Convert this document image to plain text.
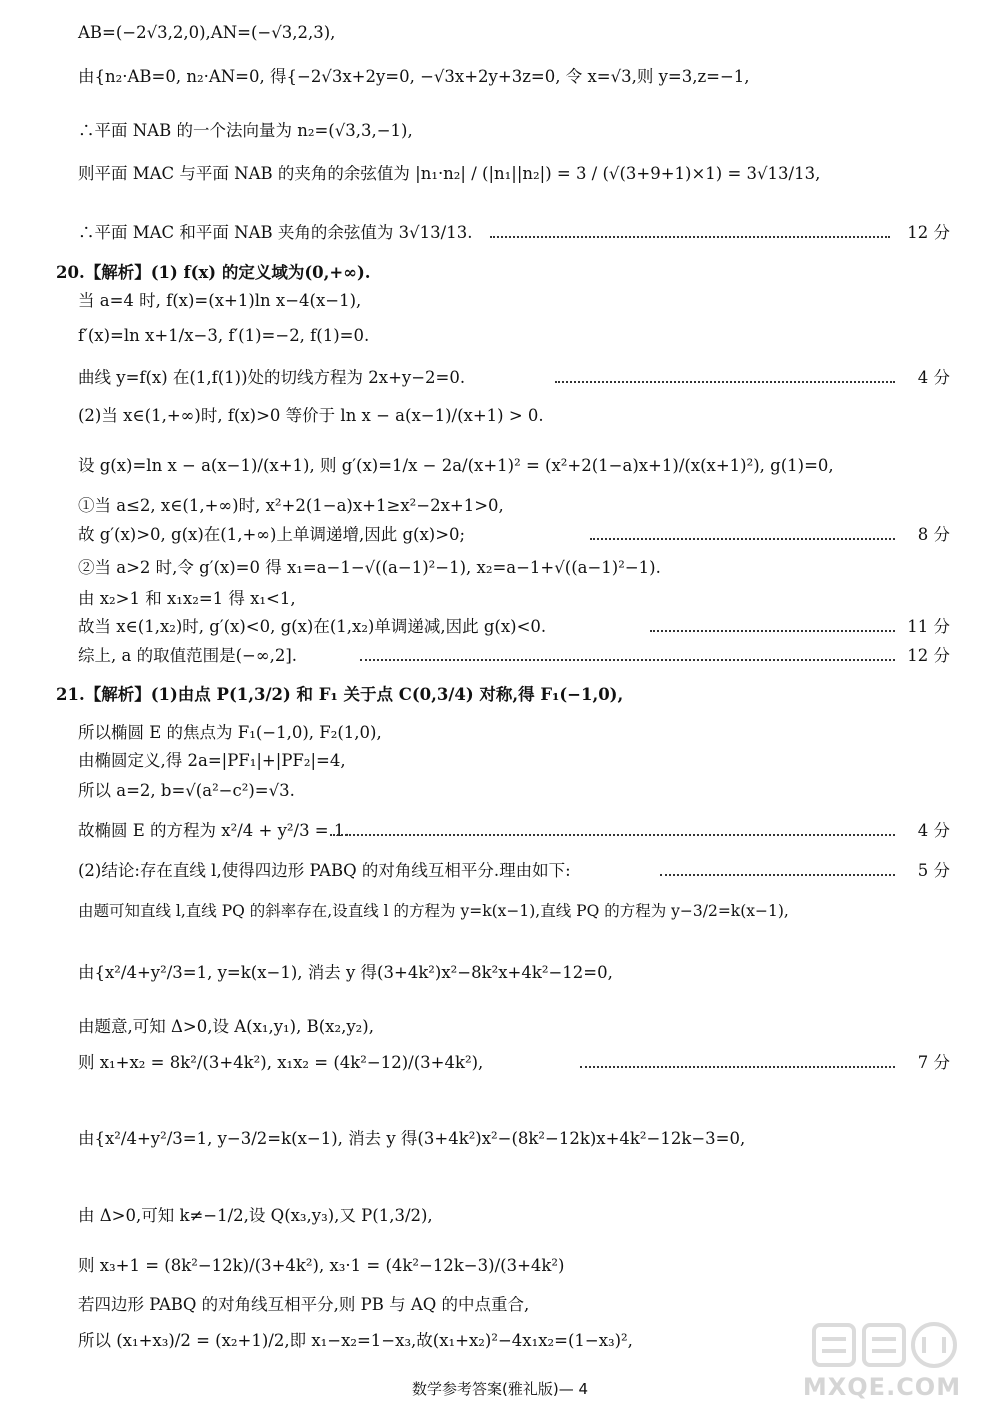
AB=(−2√3,2,0),AN=(−√3,2,3),
由{n₂·AB=0, n₂·AN=0, 得{−2√3x+2y=0, −√3x+2y+3z=0, 令 x=√3,则 y=3,z=−1,
∴平面 NAB 的一个法向量为 n₂=(√3,3,−1),
则平面 MAC 与平面 NAB 的夹角的余弦值为 |n₁·n₂| / (|n₁||n₂|) = 3 / (√(3+9+1)×1) = 3√13/13,
∴平面 MAC 和平面 NAB 夹角的余弦值为 3√13/13.	12 分
20.【解析】(1) f(x) 的定义域为(0,+∞).
当 a=4 时, f(x)=(x+1)ln x−4(x−1),
f′(x)=ln x+1/x−3, f′(1)=−2, f(1)=0.
曲线 y=f(x) 在(1,f(1))处的切线方程为 2x+y−2=0.	4 分
(2)当 x∈(1,+∞)时, f(x)>0 等价于 ln x − a(x−1)/(x+1) > 0.
设 g(x)=ln x − a(x−1)/(x+1), 则 g′(x)=1/x − 2a/(x+1)² = (x²+2(1−a)x+1)/(x(x+1)²), g(1)=0,
①当 a≤2, x∈(1,+∞)时, x²+2(1−a)x+1≥x²−2x+1>0,
故 g′(x)>0, g(x)在(1,+∞)上单调递增,因此 g(x)>0;	8 分
②当 a>2 时,令 g′(x)=0 得 x₁=a−1−√((a−1)²−1), x₂=a−1+√((a−1)²−1).
由 x₂>1 和 x₁x₂=1 得 x₁<1,
故当 x∈(1,x₂)时, g′(x)<0, g(x)在(1,x₂)单调递减,因此 g(x)<0.	11 分
综上, a 的取值范围是(−∞,2].	12 分
21.【解析】(1)由点 P(1,3/2) 和 F₁ 关于点 C(0,3/4) 对称,得 F₁(−1,0),
所以椭圆 E 的焦点为 F₁(−1,0), F₂(1,0),
由椭圆定义,得 2a=|PF₁|+|PF₂|=4,
所以 a=2, b=√(a²−c²)=√3.
故椭圆 E 的方程为 x²/4 + y²/3 = 1.	4 分
(2)结论:存在直线 l,使得四边形 PABQ 的对角线互相平分.理由如下:	5 分
由题可知直线 l,直线 PQ 的斜率存在,设直线 l 的方程为 y=k(x−1),直线 PQ 的方程为 y−3/2=k(x−1),
由{x²/4+y²/3=1, y=k(x−1), 消去 y 得(3+4k²)x²−8k²x+4k²−12=0,
由题意,可知 Δ>0,设 A(x₁,y₁), B(x₂,y₂),
则 x₁+x₂ = 8k²/(3+4k²), x₁x₂ = (4k²−12)/(3+4k²),	7 分
由{x²/4+y²/3=1, y−3/2=k(x−1), 消去 y 得(3+4k²)x²−(8k²−12k)x+4k²−12k−3=0,
由 Δ>0,可知 k≠−1/2,设 Q(x₃,y₃),又 P(1,3/2),
则 x₃+1 = (8k²−12k)/(3+4k²), x₃·1 = (4k²−12k−3)/(3+4k²)
若四边形 PABQ 的对角线互相平分,则 PB 与 AQ 的中点重合,
所以 (x₁+x₃)/2 = (x₂+1)/2,即 x₁−x₂=1−x₃,故(x₁+x₂)²−4x₁x₂=(1−x₃)²,
数学参考答案(雅礼版)— 4	MXQE.COM
